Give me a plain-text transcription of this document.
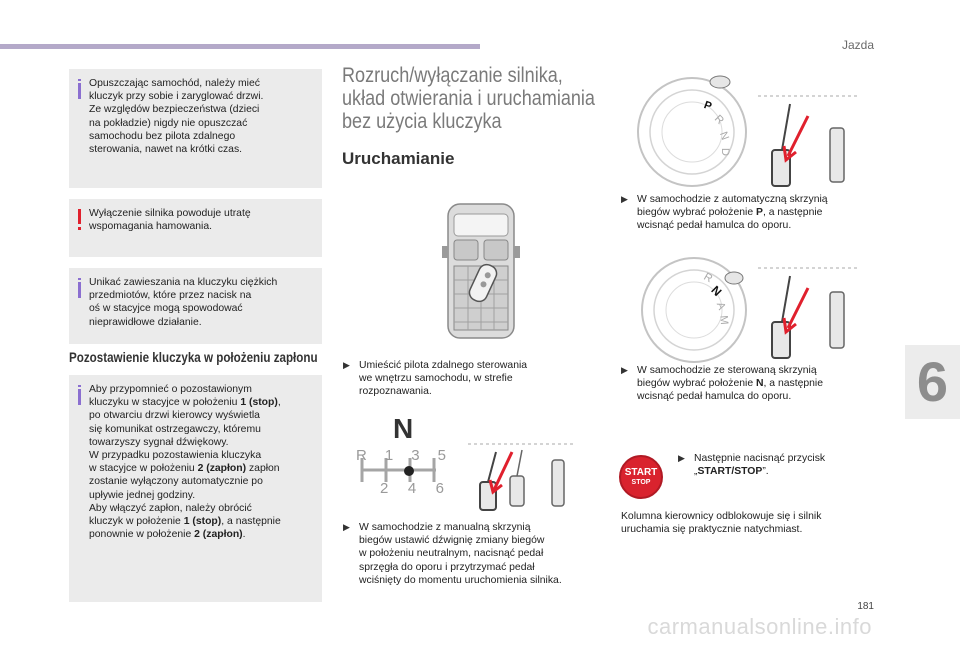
Jazda
6
Opuszczając samochód, należy mieć
kluczyk przy sobie i zaryglować drzwi.
Ze względów bezpieczeństwa (dzieci
na pokładzie) nigdy nie opuszczać
samochodu bez pilota zdalnego
sterowania, nawet na krótki czas.
Wyłączenie silnika powoduje utratę
wspomagania hamowania.
Unikać zawieszania na kluczyku ciężkich
przedmiotów, które przez nacisk na
oś w stacyjce mogą spowodować
nieprawidłowe działanie.
Pozostawienie kluczyka w położeniu zapłonu
Aby przypomnieć o pozostawionym
kluczyku w stacyjce w położeniu 1 (stop),
po otwarciu drzwi kierowcy wyświetla
się komunikat ostrzegawczy, któremu
towarzyszy sygnał dźwiękowy.
W przypadku pozostawienia kluczyka
w stacyjce w położeniu 2 (zapłon) zapłon
zostanie wyłączony automatycznie po
upływie jednej godziny.
Aby włączyć zapłon, należy obrócić
kluczyk w położenie 1 (stop), a następnie
ponownie w położenie 2 (zapłon).
Rozruch/wyłączanie silnika,
układ otwierania i uruchamiania
bez użycia kluczyka
Uruchamianie
▶︎ Umieścić pilota zdalnego sterowania
we wnętrzu samochodu, w strefie
rozpoznawania.
N
R 1 3 5
2 4 6
▶︎ W samochodzie z manualną skrzynią
biegów ustawić dźwignię zmiany biegów
w położeniu neutralnym, nacisnąć pedał
sprzęgła do oporu i przytrzymać pedał
wciśnięty do momentu uruchomienia silnika.
P
R
N
D
▶︎ W samochodzie z automatyczną skrzynią
biegów wybrać położenie P, a następnie
wcisnąć pedał hamulca do oporu.
R
N
A
M
▶︎ W samochodzie ze sterowaną skrzynią
biegów wybrać położenie N, a następnie
wcisnąć pedał hamulca do oporu.
START
STOP
▶︎ Następnie nacisnąć przycisk
„START/STOP”.
Kolumna kierownicy odblokowuje się i silnik
uruchamia się praktycznie natychmiast.
181
carmanualsonline.info
